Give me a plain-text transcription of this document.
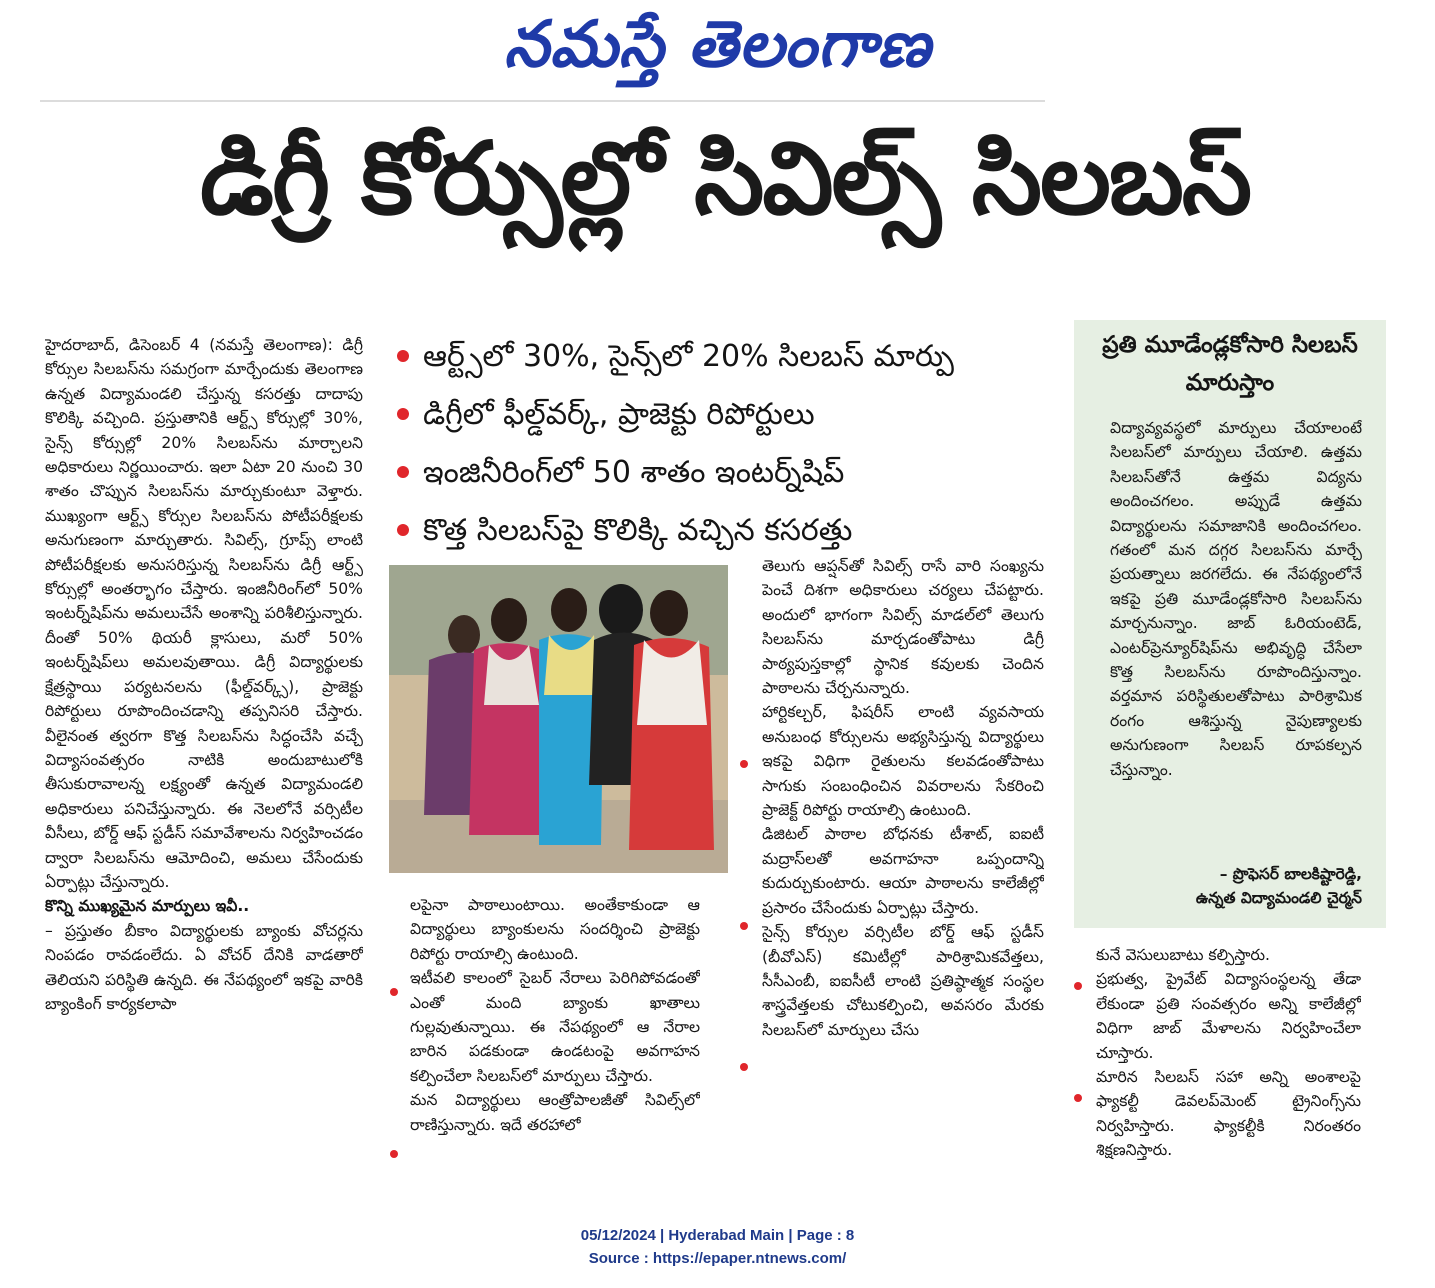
నమస్తే తెలంగాణ
డిగ్రీ కోర్సుల్లో సివిల్స్‌ సిలబస్‌

హైదరాబాద్‌, డిసెంబర్‌ 4 (నమస్తే తెలంగాణ): డిగ్రీ కోర్సుల సిలబస్‌ను సమగ్రంగా మార్చేందుకు తెలంగాణ ఉన్నత విద్యామండలి చేస్తున్న కసరత్తు దాదాపు కొలిక్కి వచ్చింది. ప్రస్తుతానికి ఆర్ట్స్‌ కోర్సుల్లో 30%, సైన్స్‌ కోర్సుల్లో 20% సిలబస్‌ను మార్చాలని అధికారులు నిర్ణయించారు. ఇలా ఏటా 20 నుంచి 30 శాతం చొప్పున సిలబస్‌ను మార్చుకుంటూ వెళ్తారు. ముఖ్యంగా ఆర్ట్స్‌ కోర్సుల సిలబస్‌ను పోటీపరీక్షలకు అనుగుణంగా మార్చుతారు. సివిల్స్‌, గ్రూప్స్‌ లాంటి పోటీపరీక్షలకు అనుసరిస్తున్న సిలబస్‌ను డిగ్రీ ఆర్ట్స్‌ కోర్సుల్లో అంతర్భాగం చేస్తారు. ఇంజినీరింగ్‌లో 50% ఇంటర్న్‌షిప్‌ను అమలుచేసే అంశాన్ని పరిశీలిస్తున్నారు. దీంతో 50% థియరీ క్లాసులు, మరో 50% ఇంటర్న్‌షిప్‌లు అమలవుతాయి. డిగ్రీ విద్యార్థులకు క్షేత్రస్థాయి పర్యటనలను (ఫీల్డ్‌వర్క్స్‌), ప్రాజెక్టు రిపోర్టులు రూపొందించడాన్ని తప్పనిసరి చేస్తారు. వీలైనంత త్వరగా కొత్త సిలబస్‌ను సిద్ధంచేసి వచ్చే విద్యాసంవత్సరం నాటికి అందుబాటులోకి తీసుకురావాలన్న లక్ష్యంతో ఉన్నత విద్యామండలి అధికారులు పనిచేస్తున్నారు. ఈ నెలలోనే వర్సిటీల వీసీలు, బోర్డ్‌ ఆఫ్‌ స్టడీస్‌ సమావేశాలను నిర్వహించడం ద్వారా సిలబస్‌ను ఆమోదించి, అమలు చేసేందుకు ఏర్పాట్లు చేస్తున్నారు.

కొన్ని ముఖ్యమైన మార్పులు ఇవీ..

– ప్రస్తుతం బీకాం విద్యార్థులకు బ్యాంకు వోచర్లను నింపడం రావడంలేదు. ఏ వోచర్‌ దేనికి వాడతారో తెలియని పరిస్థితి ఉన్నది. ఈ నేపథ్యంలో ఇకపై వారికి బ్యాంకింగ్‌ కార్యకలాపా

ఆర్ట్స్‌లో 30%, సైన్స్‌లో 20% సిలబస్‌ మార్పు
డిగ్రీలో ఫీల్డ్‌వర్క్‌, ప్రాజెక్టు రిపోర్టులు
ఇంజినీరింగ్‌లో 50 శాతం ఇంటర్న్‌షిప్‌
కొత్త సిలబస్‌పై కొలిక్కి వచ్చిన కసరత్తు

లపైనా పాఠాలుంటాయి. అంతేకాకుండా ఆ విద్యార్థులు బ్యాంకులను సందర్శించి ప్రాజెక్టు రిపోర్టు రాయాల్సి ఉంటుంది.

ఇటీవలి కాలంలో సైబర్‌ నేరాలు పెరిగిపోవడంతో ఎంతో మంది బ్యాంకు ఖాతాలు గుల్లవుతున్నాయి. ఈ నేపథ్యంలో ఆ నేరాల బారిన పడకుండా ఉండటంపై అవగాహన కల్పించేలా సిలబస్‌లో మార్పులు చేస్తారు.

మన విద్యార్థులు ఆంత్రోపాలజీతో సివిల్స్‌లో రాణిస్తున్నారు. ఇదే తరహాలో

తెలుగు ఆప్షన్‌తో సివిల్స్‌ రాసే వారి సంఖ్యను పెంచే దిశగా అధికారులు చర్యలు చేపట్టారు. అందులో భాగంగా సివిల్స్‌ మాడల్‌లో తెలుగు సిలబస్‌ను మార్చడంతోపాటు డిగ్రీ పాఠ్యపుస్తకాల్లో స్థానిక కవులకు చెందిన పాఠాలను చేర్చనున్నారు.

హార్టికల్చర్‌, ఫిషరీస్‌ లాంటి వ్యవసాయ అనుబంధ కోర్సులను అభ్యసిస్తున్న విద్యార్థులు ఇకపై విధిగా రైతులను కలవడంతోపాటు సాగుకు సంబంధించిన వివరాలను సేకరించి ప్రాజెక్ట్‌ రిపోర్టు రాయాల్సి ఉంటుంది.

డిజిటల్‌ పాఠాల బోధనకు టీశాట్‌, ఐఐటీ మద్రాస్‌లతో అవగాహనా ఒప్పందాన్ని కుదుర్చుకుంటారు. ఆయా పాఠాలను కాలేజీల్లో ప్రసారం చేసేందుకు ఏర్పాట్లు చేస్తారు.

సైన్స్‌ కోర్సుల వర్సిటీల బోర్డ్‌ ఆఫ్‌ స్టడీస్‌ (బీవోఎస్‌) కమిటీల్లో పారిశ్రామికవేత్తలు, సీసీఎంబీ, ఐఐసీటీ లాంటి ప్రతిష్ఠాత్మక సంస్థల శాస్త్రవేత్తలకు చోటుకల్పించి, అవసరం మేరకు సిలబస్‌లో మార్పులు చేసు

ప్రతి మూడేండ్లకోసారి సిలబస్‌ మారుస్తాం

విద్యావ్యవస్థలో మార్పులు చేయాలంటే సిలబస్‌లో మార్పులు చేయాలి. ఉత్తమ సిలబస్‌తోనే ఉత్తమ విద్యను అందించగలం. అప్పుడే ఉత్తమ విద్యార్థులను సమాజానికి అందించగలం. గతంలో మన దగ్గర సిలబస్‌ను మార్చే ప్రయత్నాలు జరగలేదు. ఈ నేపథ్యంలోనే ఇకపై ప్రతి మూడేండ్లకోసారి సిలబస్‌ను మార్చనున్నాం. జాబ్‌ ఓరియంటెడ్‌, ఎంటర్‌ప్రెన్యూర్‌షిప్‌ను అభివృద్ధి చేసేలా కొత్త సిలబస్‌ను రూపొందిస్తున్నాం. వర్తమాన పరిస్థితులతోపాటు పారిశ్రామిక రంగం ఆశిస్తున్న నైపుణ్యాలకు అనుగుణంగా సిలబస్‌ రూపకల్పన చేస్తున్నాం.

– ప్రొఫెసర్‌ బాలకిష్టారెడ్డి,
ఉన్నత విద్యామండలి చైర్మన్‌

కునే వెసులుబాటు కల్పిస్తారు.

ప్రభుత్వ, ప్రైవేట్‌ విద్యాసంస్థలన్న తేడా లేకుండా ప్రతి సంవత్సరం అన్ని కాలేజీల్లో విధిగా జాబ్‌ మేళాలను నిర్వహించేలా చూస్తారు.

మారిన సిలబస్‌ సహా అన్ని అంశాలపై ఫ్యాకల్టీ డెవలప్‌మెంట్‌ ట్రైనింగ్స్‌ను నిర్వహిస్తారు. ఫ్యాకల్టీకి నిరంతరం శిక్షణనిస్తారు.

05/12/2024 | Hyderabad Main | Page : 8
Source : https://epaper.ntnews.com/
